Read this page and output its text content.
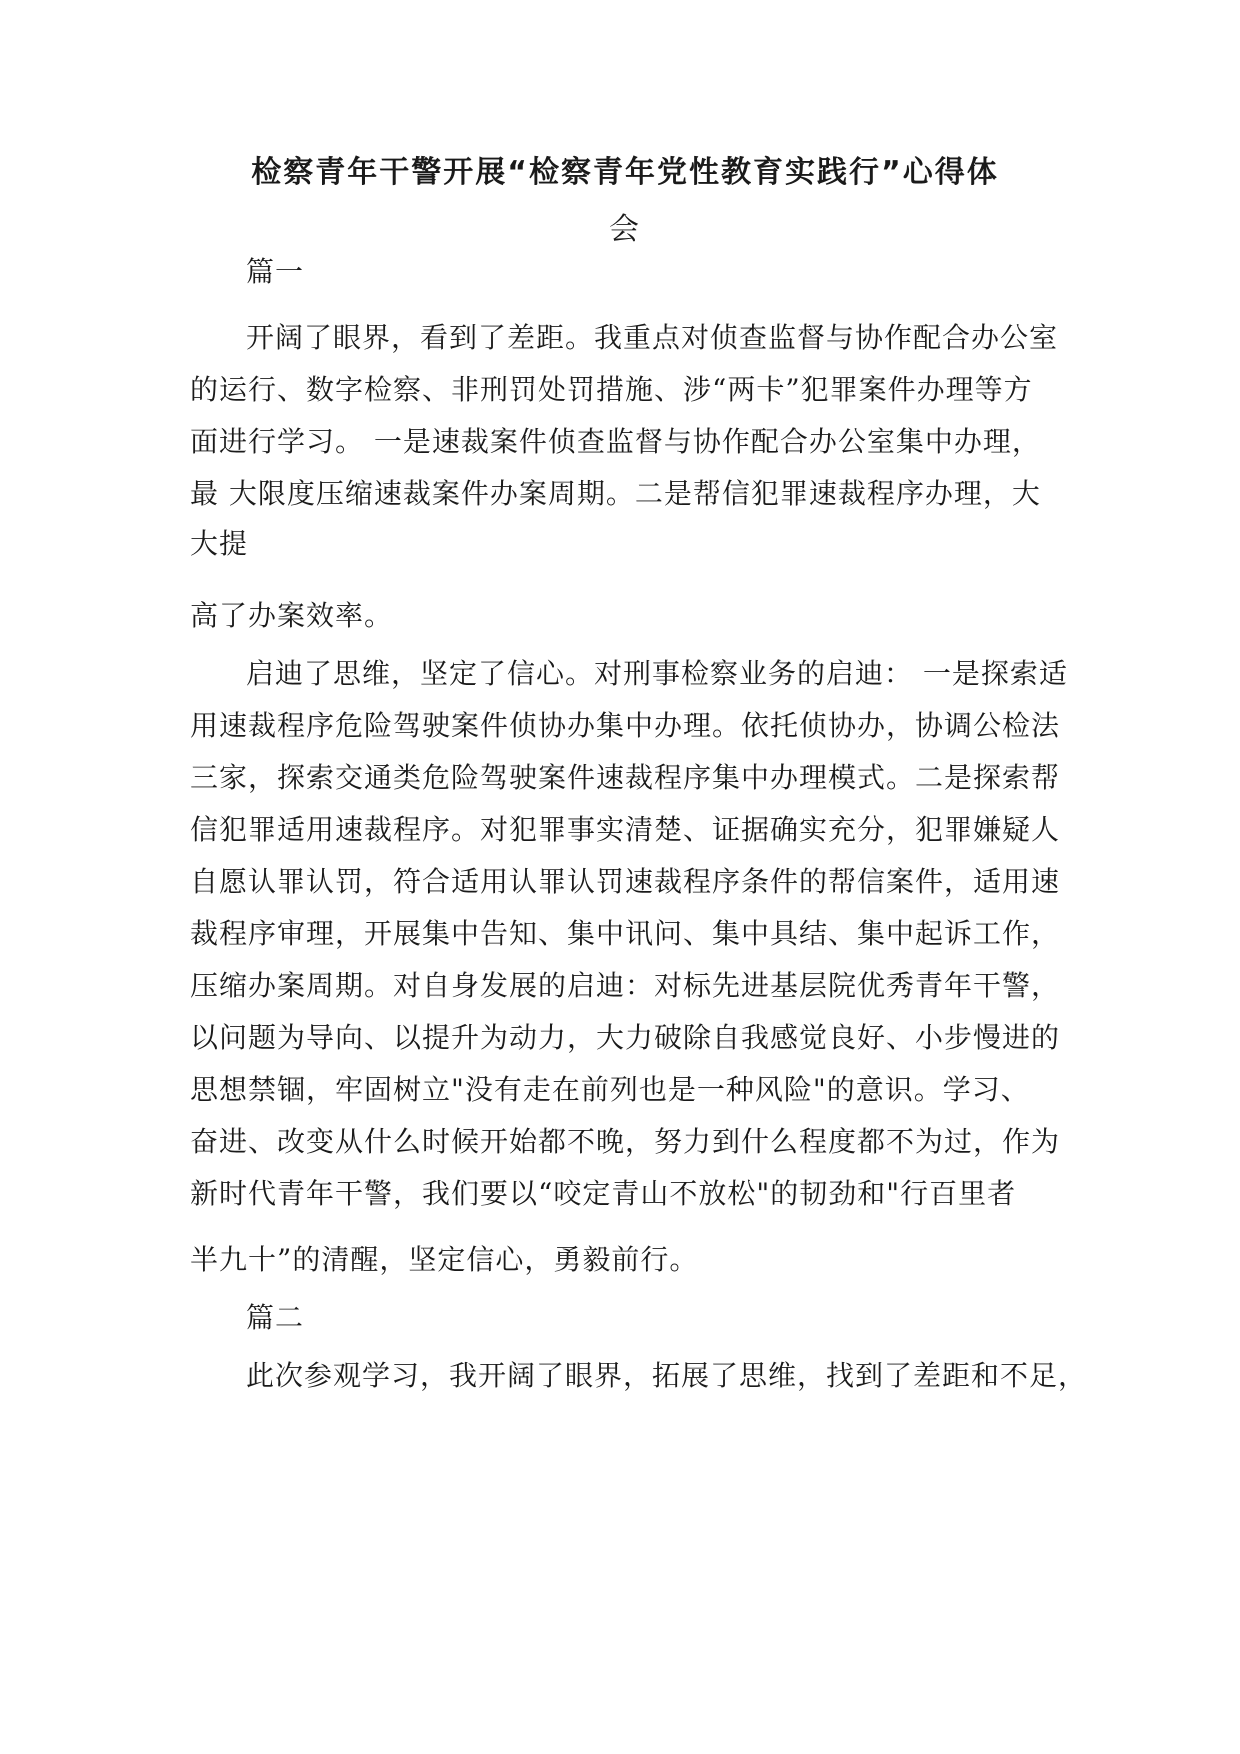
检察青年干警开展“检察青年党性教育实践行”心得体
会

篇一

开阔了眼界，看到了差距。我重点对侦查监督与协作配合办公室

的运行、数字检察、非刑罚处罚措施、涉“两卡”犯罪案件办理等方

面进行学习。 一是速裁案件侦查监督与协作配合办公室集中办理，

最 大限度压缩速裁案件办案周期。二是帮信犯罪速裁程序办理，大

大提

高了办案效率。

启迪了思维，坚定了信心。对刑事检察业务的启迪： 一是探索适

用速裁程序危险驾驶案件侦协办集中办理。依托侦协办，协调公检法

三家，探索交通类危险驾驶案件速裁程序集中办理模式。二是探索帮

信犯罪适用速裁程序。对犯罪事实清楚、证据确实充分，犯罪嫌疑人

自愿认罪认罚，符合适用认罪认罚速裁程序条件的帮信案件，适用速

裁程序审理，开展集中告知、集中讯问、集中具结、集中起诉工作，

压缩办案周期。对自身发展的启迪：对标先进基层院优秀青年干警，

以问题为导向、以提升为动力，大力破除自我感觉良好、小步慢进的

思想禁锢，牢固树立"没有走在前列也是一种风险"的意识。学习、

奋进、改变从什么时候开始都不晚，努力到什么程度都不为过，作为

新时代青年干警，我们要以“咬定青山不放松"的韧劲和"行百里者

半九十”的清醒，坚定信心，勇毅前行。

篇二

此次参观学习，我开阔了眼界，拓展了思维，找到了差距和不足，
